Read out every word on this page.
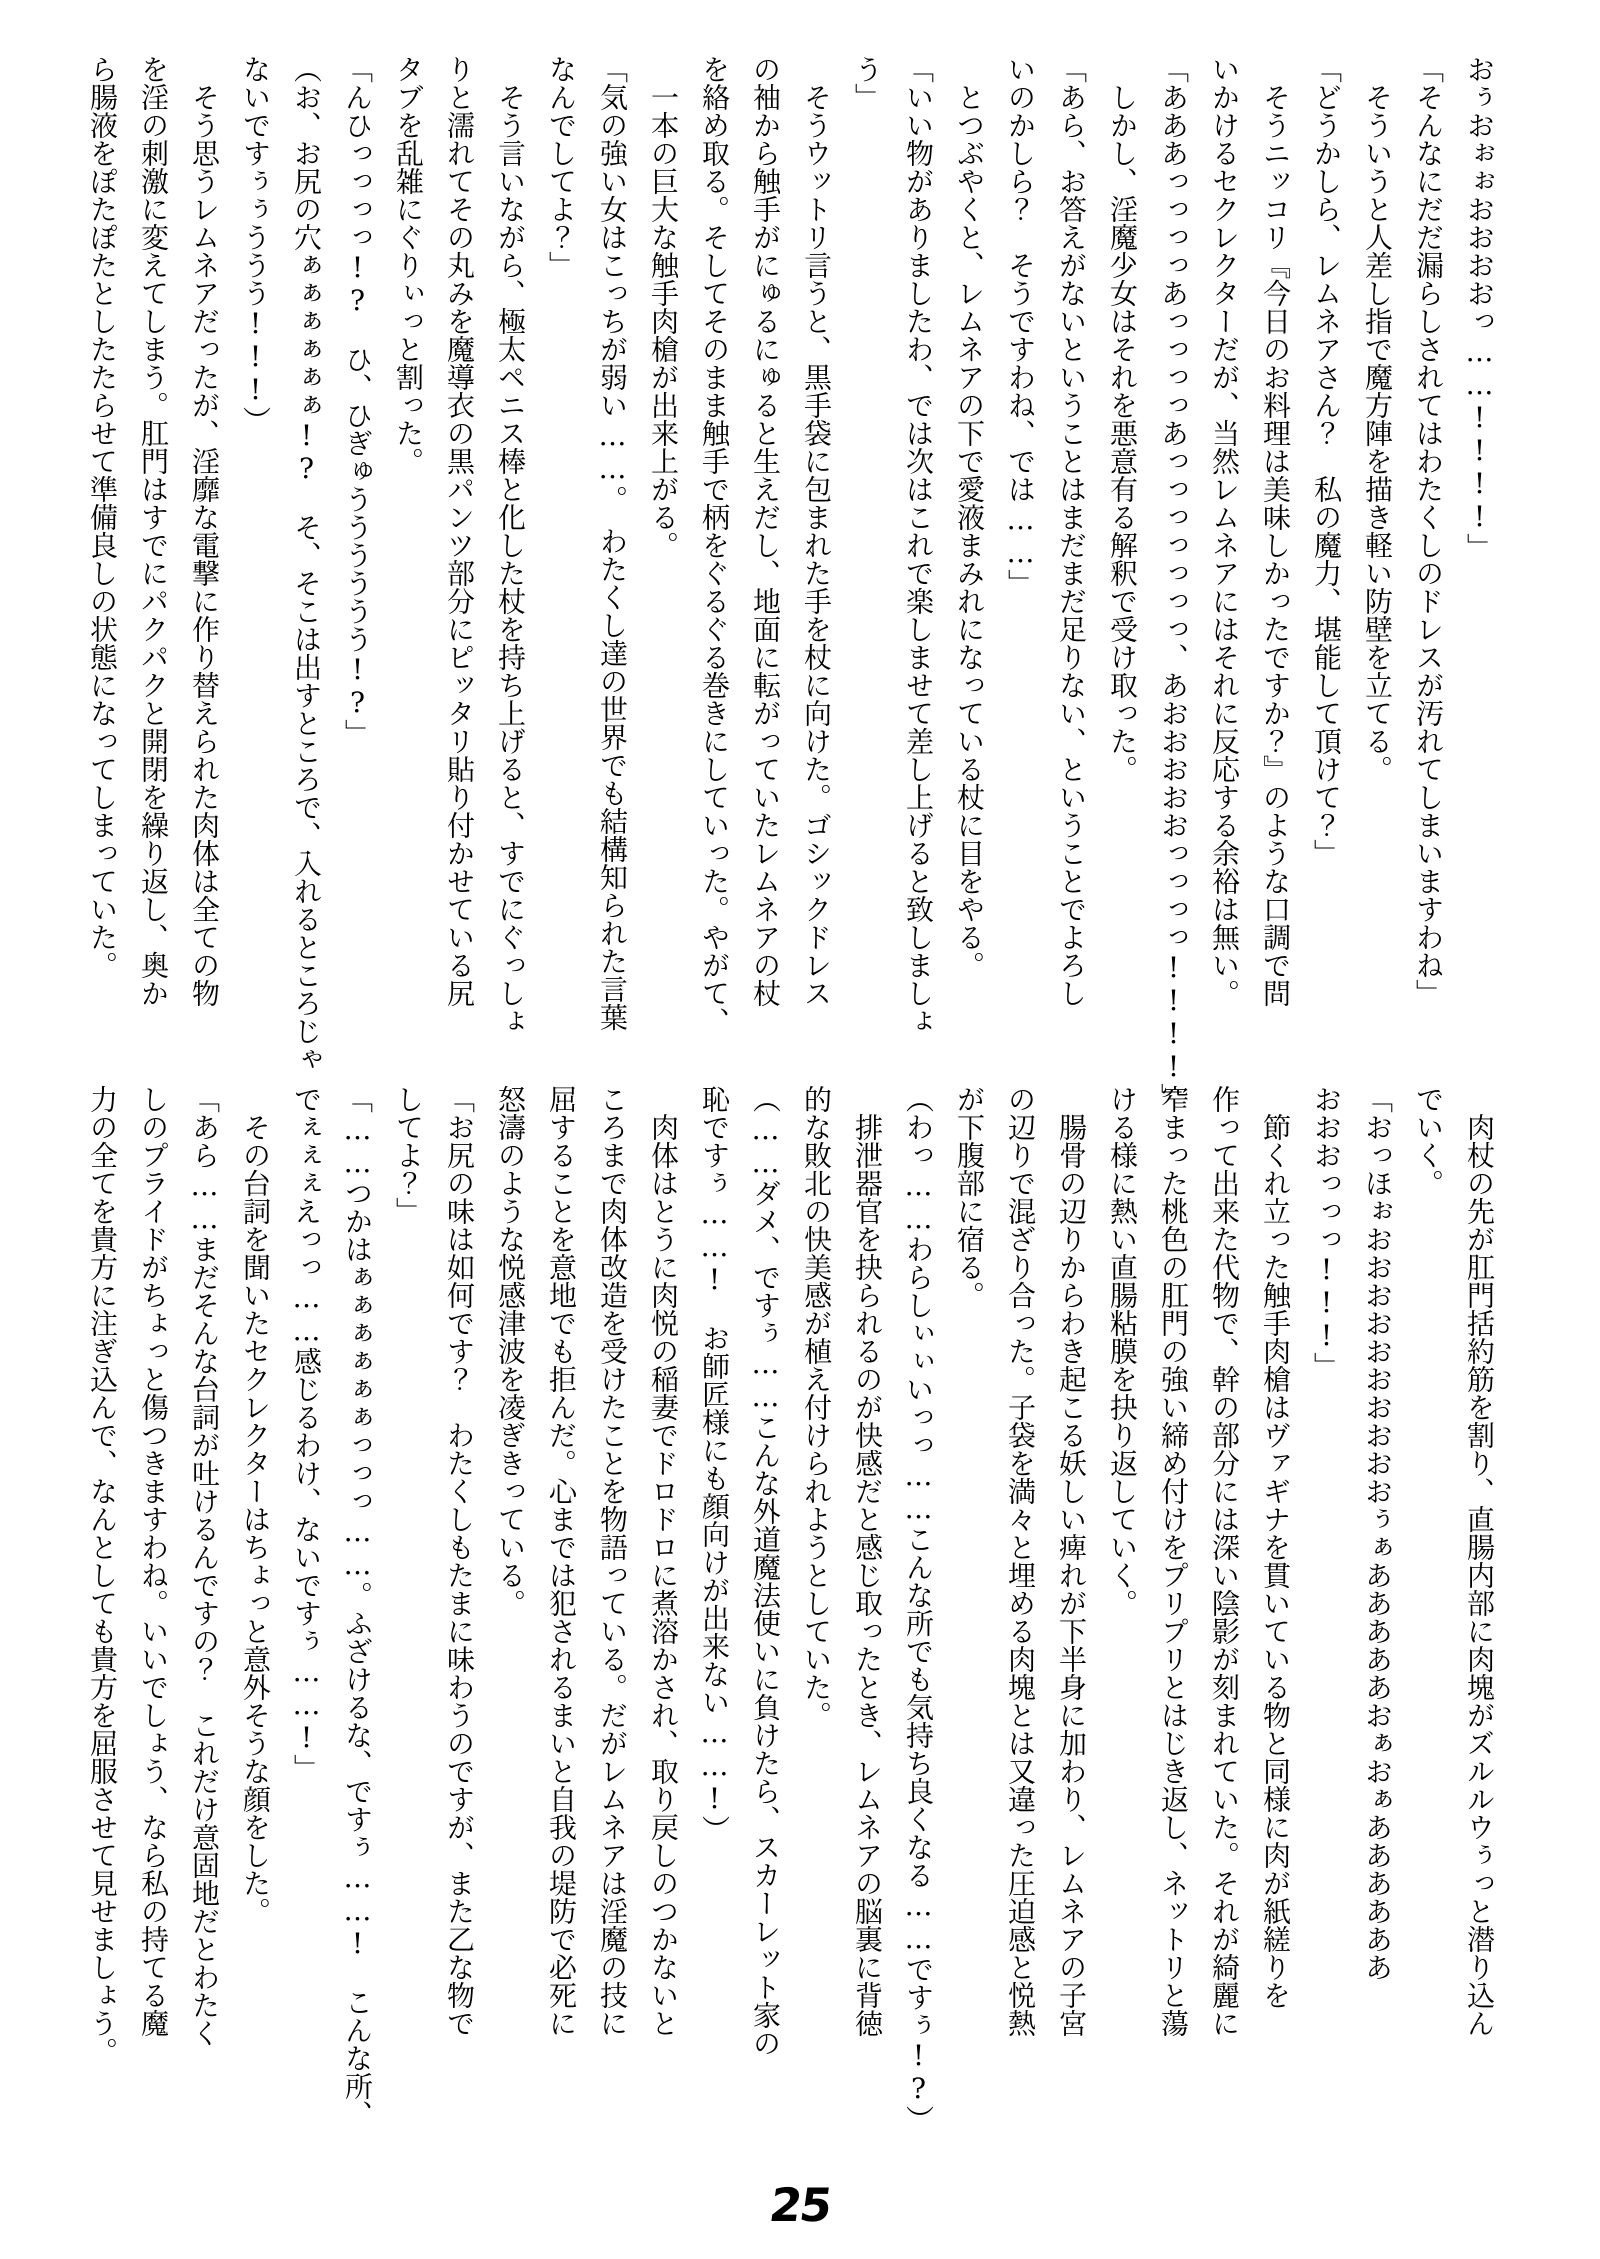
おぅおぉぉおおおおっ……!!!!」
「そんなにだだ漏らしされてはわたくしのドレスが汚れてしまいますわね」
　そういうと人差し指で魔方陣を描き軽い防壁を立てる。
「どうかしら、レムネアさん？　私の魔力、堪能して頂けて？」
　そうニッコリ『今日のお料理は美味しかったですか？』のような口調で問
いかけるセクレクターだが、当然レムネアにはそれに反応する余裕は無い。
「あああっっっっあっっっっあっっっっっっっ、あおおおおおっっっっ!!!!」
　しかし、淫魔少女はそれを悪意有る解釈で受け取った。
「あら、お答えがないということはまだまだ足りない、ということでよろし
いのかしら？　そうですわね、では……」
　とつぶやくと、レムネアの下で愛液まみれになっている杖に目をやる。
「いい物がありましたわ、では次はこれで楽しませて差し上げると致しましょ
う」
　そうウットリ言うと、黒手袋に包まれた手を杖に向けた。ゴシックドレス
の袖から触手がにゅるにゅると生えだし、地面に転がっていたレムネアの杖
を絡め取る。そしてそのまま触手で柄をぐるぐる巻きにしていった。やがて、
　一本の巨大な触手肉槍が出来上がる。
「気の強い女はこっちが弱い……。　わたくし達の世界でも結構知られた言葉
なんでしてよ？」
　そう言いながら、極太ペニス棒と化した杖を持ち上げると、すでにぐっしょ
りと濡れてその丸みを魔導衣の黒パンツ部分にピッタリ貼り付かせている尻
タブを乱雑にぐりぃっと割った。
「んひっっっっ!?　ひ、ひぎゅうううううう!?」
（お、お尻の穴ぁぁぁぁぁぁ!?　そ、そこは出すところで、入れるところじゃ
ないですぅぅううう!!!）
　そう思うレムネアだったが、淫靡な電撃に作り替えられた肉体は全ての物
を淫の刺激に変えてしまう。肛門はすでにパクパクと開閉を繰り返し、奥か
ら腸液をぽたぽたとしたたらせて準備良しの状態になってしまっていた。
　肉杖の先が肛門括約筋を割り、直腸内部に肉塊がズルルウぅっと潜り込ん
でいく。
「おっほぉおおおおおおおおおおぅぁあああああおぁおぁああああああ
おおおっっっ!!!」
　節くれ立った触手肉槍はヴァギナを貫いている物と同様に肉が紙縒りを
作って出来た代物で、幹の部分には深い陰影が刻まれていた。それが綺麗に
窄まった桃色の肛門の強い締め付けをプリプリとはじき返し、ネットリと蕩
ける様に熱い直腸粘膜を抉り返していく。
　腸骨の辺りからわき起こる妖しい痺れが下半身に加わり、レムネアの子宮
の辺りで混ざり合った。子袋を満々と埋める肉塊とは又違った圧迫感と悦熱
が下腹部に宿る。
（わっ……わらしぃぃいっっ……こんな所でも気持ち良くなる……ですぅ!?）
　排泄器官を抉られるのが快感だと感じ取ったとき、レムネアの脳裏に背徳
的な敗北の快美感が植え付けられようとしていた。
（……ダメ、ですぅ……こんな外道魔法使いに負けたら、スカーレット家の
恥ですぅ……!　お師匠様にも顔向けが出来ない……!）
　肉体はとうに肉悦の稲妻でドロドロに煮溶かされ、取り戻しのつかないと
ころまで肉体改造を受けたことを物語っている。だがレムネアは淫魔の技に
屈することを意地でも拒んだ。心までは犯されるまいと自我の堤防で必死に
怒濤のような悦感津波を凌ぎきっている。
「お尻の味は如何です？　わたくしもたまに味わうのですが、また乙な物で
してよ？」
「……つかはぁぁぁぁぁぁっっっ……。ふざけるな、ですぅ……!　こんな所、
でぇぇぇえっっ……感じるわけ、ないですぅ……!」
　その台詞を聞いたセクレクターはちょっと意外そうな顔をした。
「あら……まだそんな台詞が吐けるんですの？　これだけ意固地だとわたく
しのプライドがちょっと傷つきますわね。いいでしょう、なら私の持てる魔
力の全てを貴方に注ぎ込んで、なんとしても貴方を屈服させて見せましょう。
25
